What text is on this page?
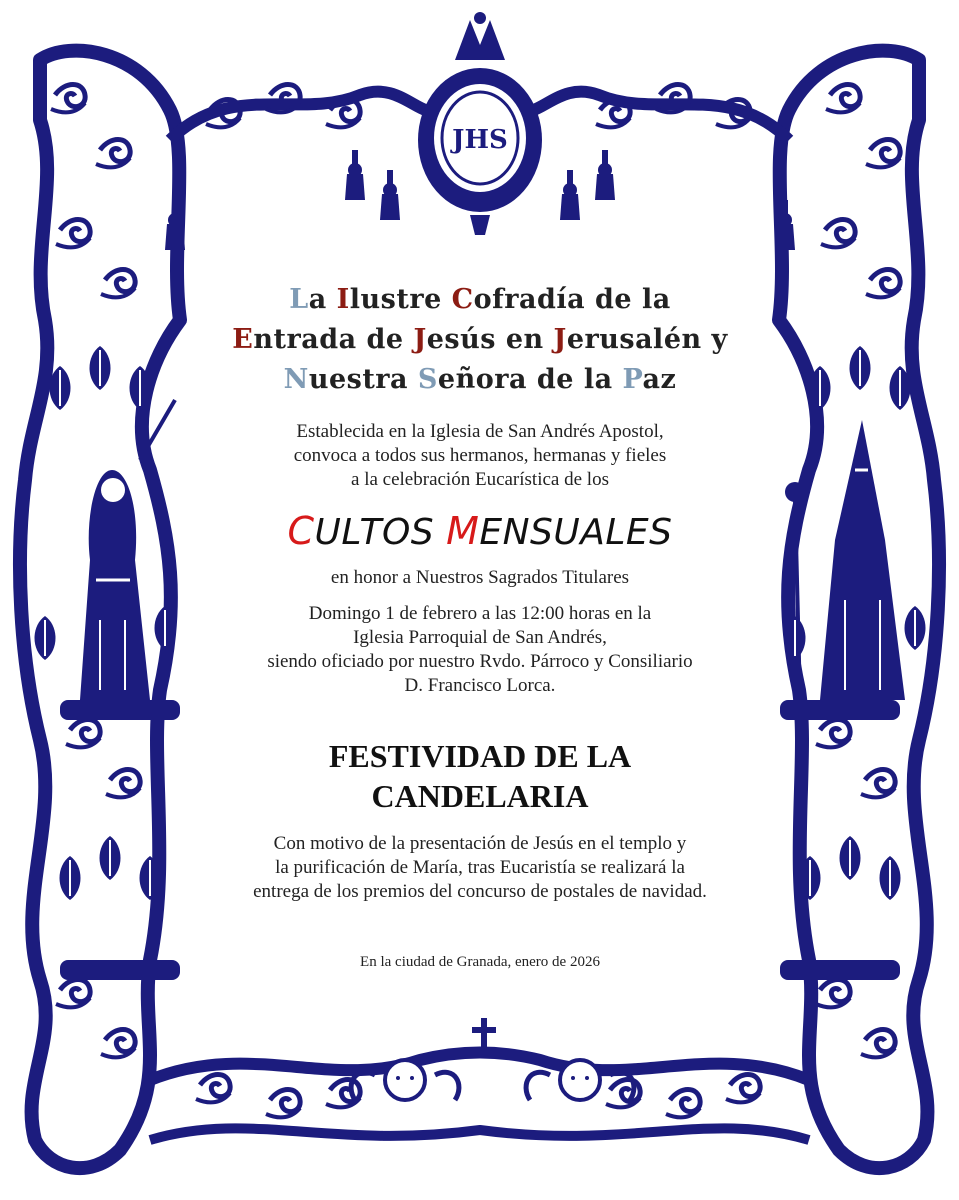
JHS
La Ilustre Cofradía de la
Entrada de Jesús en Jerusalén y
Nuestra Señora de la Paz
Establecida en la Iglesia de San Andrés Apostol,
convoca a todos sus hermanos, hermanas y fieles
a la celebración Eucarística de los
CULTOS MENSUALES
en honor a Nuestros Sagrados Titulares
Domingo 1 de febrero a las 12:00 horas en la
Iglesia Parroquial de San Andrés,
siendo oficiado por nuestro Rvdo. Párroco y Consiliario
D. Francisco Lorca.
FESTIVIDAD DE LA
CANDELARIA
Con motivo de la presentación de Jesús en el templo y
la purificación de María, tras Eucaristía se realizará la
entrega de los premios del concurso de postales de navidad.
En la ciudad de Granada, enero de 2026
